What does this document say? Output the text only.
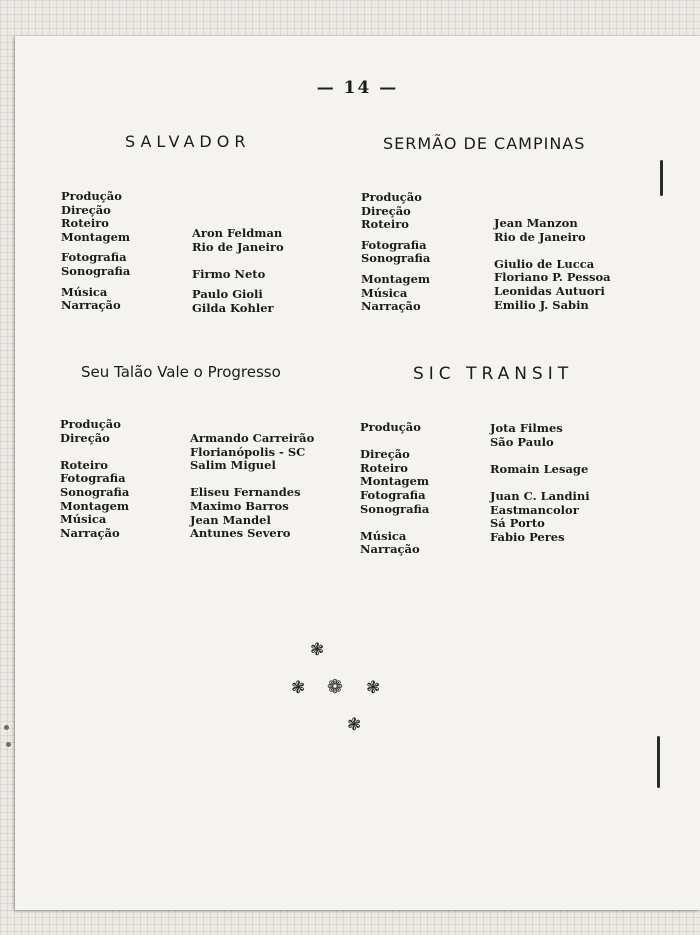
— 14 —
SALVADOR
Produção
Direção
Roteiro
Montagem
Fotografia
Sonografia
Música
Narração
Aron Feldman
Rio de Janeiro
Firmo Neto
Paulo Gioli
Gilda Kohler
SERMÃO DE CAMPINAS
Produção
Direção
Roteiro
Fotografia
Sonografia
Montagem
Música
Narração
Jean Manzon
Rio de Janeiro
Giulio de Lucca
Floriano P. Pessoa
Leonidas Autuori
Emilio J. Sabin
Seu Talão Vale o Progresso
Produção
Direção
Roteiro
Fotografia
Sonografia
Montagem
Música
Narração
Armando Carreirão
Florianópolis - SC
Salim Miguel
Eliseu Fernandes
Maximo Barros
Jean Mandel
Antunes Severo
SIC TRANSIT
Produção
Direção
Roteiro
Montagem
Fotografia
Sonografia
Música
Narração
Jota Filmes
São Paulo
Romain Lesage
Juan C. Landini
Eastmancolor
Sá Porto
Fabio Peres
❃
❃ ❁ ❃
❃
